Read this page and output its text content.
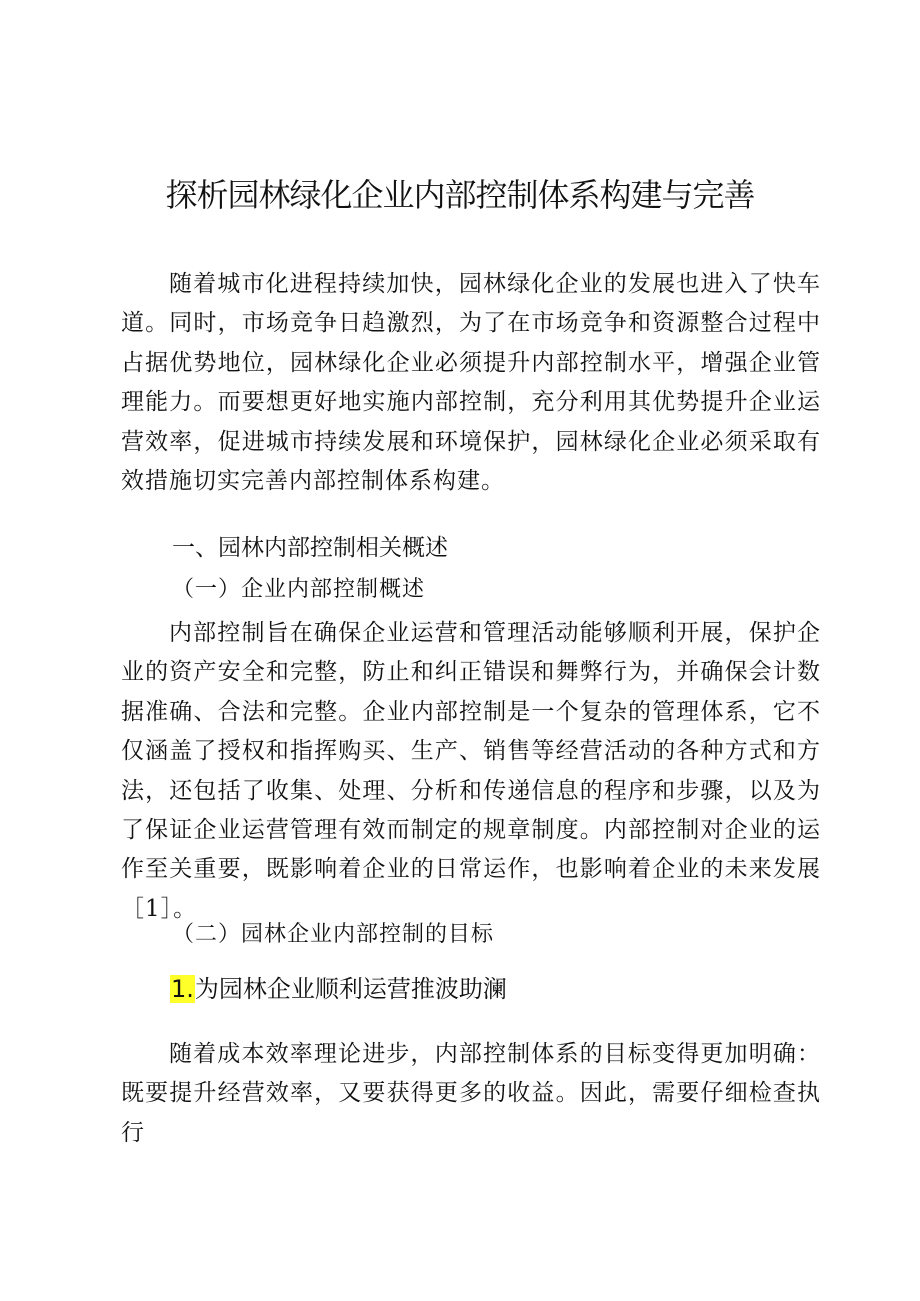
探析园林绿化企业内部控制体系构建与完善

随着城市化进程持续加快，园林绿化企业的发展也进入了快车道。同时，市场竞争日趋激烈，为了在市场竞争和资源整合过程中占据优势地位，园林绿化企业必须提升内部控制水平，增强企业管理能力。而要想更好地实施内部控制，充分利用其优势提升企业运营效率，促进城市持续发展和环境保护，园林绿化企业必须采取有效措施切实完善内部控制体系构建。

一、园林内部控制相关概述
（一）企业内部控制概述

内部控制旨在确保企业运营和管理活动能够顺利开展，保护企业的资产安全和完整，防止和纠正错误和舞弊行为，并确保会计数据准确、合法和完整。企业内部控制是一个复杂的管理体系，它不仅涵盖了授权和指挥购买、生产、销售等经营活动的各种方式和方法，还包括了收集、处理、分析和传递信息的程序和步骤，以及为了保证企业运营管理有效而制定的规章制度。内部控制对企业的运作至关重要，既影响着企业的日常运作，也影响着企业的未来发展［1］。

（二）园林企业内部控制的目标
1.为园林企业顺利运营推波助澜

随着成本效率理论进步，内部控制体系的目标变得更加明确：既要提升经营效率，又要获得更多的收益。因此，需要仔细检查执行
